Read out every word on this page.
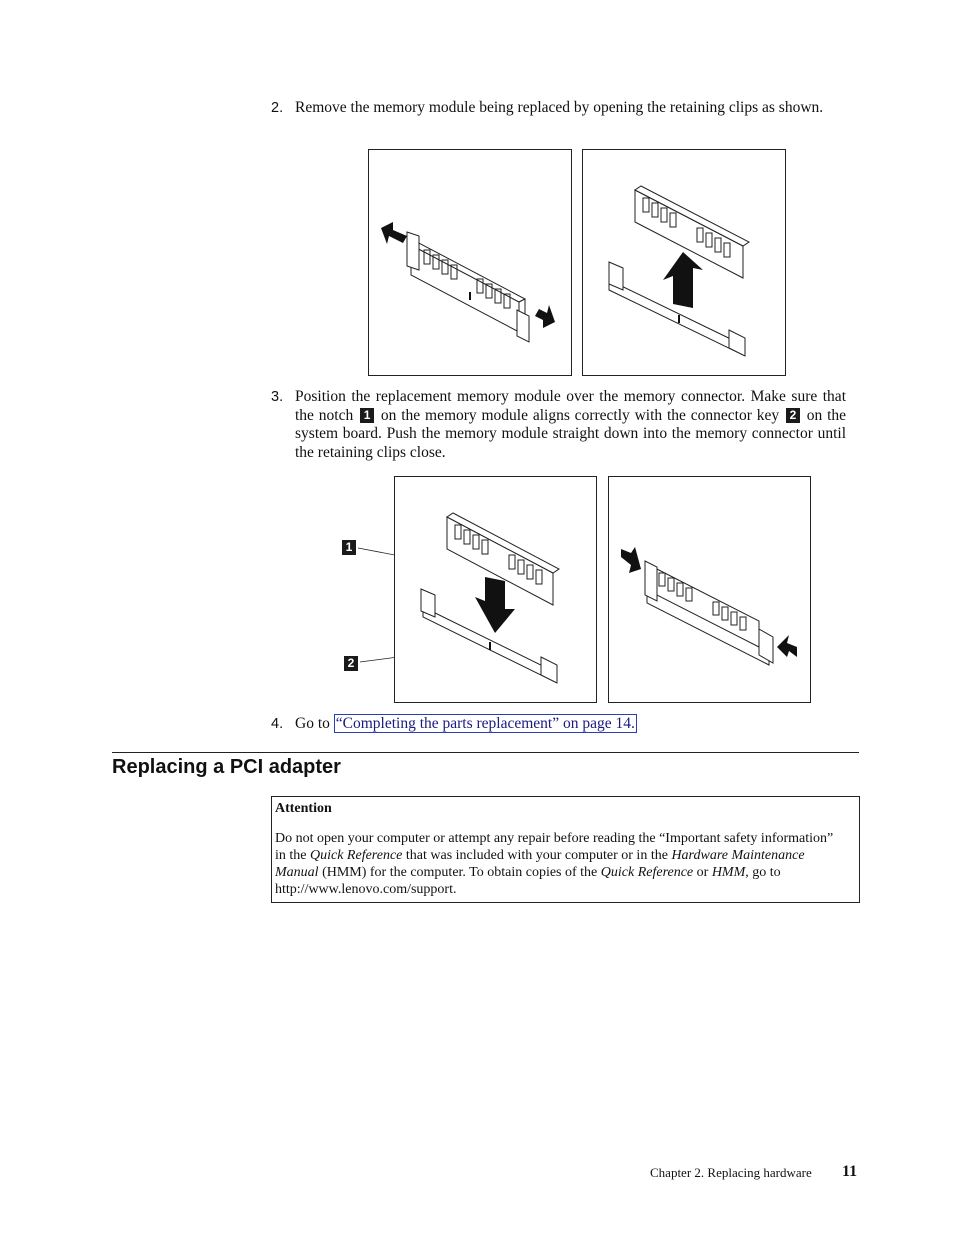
2. Remove the memory module being replaced by opening the retaining clips as shown.
3. Position the replacement memory module over the memory connector. Make sure that the notch 1 on the memory module aligns correctly with the connector key 2 on the system board. Push the memory module straight down into the memory connector until the retaining clips close.
1
2
4. Go to “Completing the parts replacement” on page 14.
Replacing a PCI adapter
Attention
Do not open your computer or attempt any repair before reading the “Important safety information” in the Quick Reference that was included with your computer or in the Hardware Maintenance Manual (HMM) for the computer. To obtain copies of the Quick Reference or HMM, go to http://www.lenovo.com/support.
Chapter 2. Replacing hardware 11
